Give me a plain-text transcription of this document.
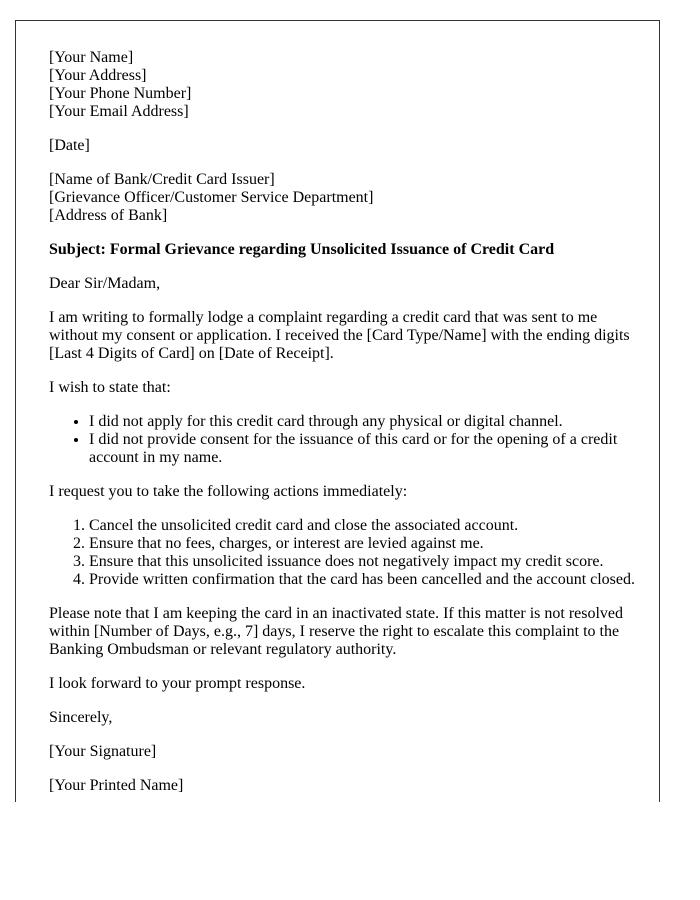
[Your Name]
[Your Address]
[Your Phone Number]
[Your Email Address]

[Date]

[Name of Bank/Credit Card Issuer]
[Grievance Officer/Customer Service Department]
[Address of Bank]

Subject: Formal Grievance regarding Unsolicited Issuance of Credit Card

Dear Sir/Madam,

I am writing to formally lodge a complaint regarding a credit card that was sent to me without my consent or application. I received the [Card Type/Name] with the ending digits [Last 4 Digits of Card] on [Date of Receipt].

I wish to state that:

• I did not apply for this credit card through any physical or digital channel.
• I did not provide consent for the issuance of this card or for the opening of a credit account in my name.

I request you to take the following actions immediately:

1. Cancel the unsolicited credit card and close the associated account.
2. Ensure that no fees, charges, or interest are levied against me.
3. Ensure that this unsolicited issuance does not negatively impact my credit score.
4. Provide written confirmation that the card has been cancelled and the account closed.

Please note that I am keeping the card in an inactivated state. If this matter is not resolved within [Number of Days, e.g., 7] days, I reserve the right to escalate this complaint to the Banking Ombudsman or relevant regulatory authority.

I look forward to your prompt response.

Sincerely,

[Your Signature]

[Your Printed Name]
